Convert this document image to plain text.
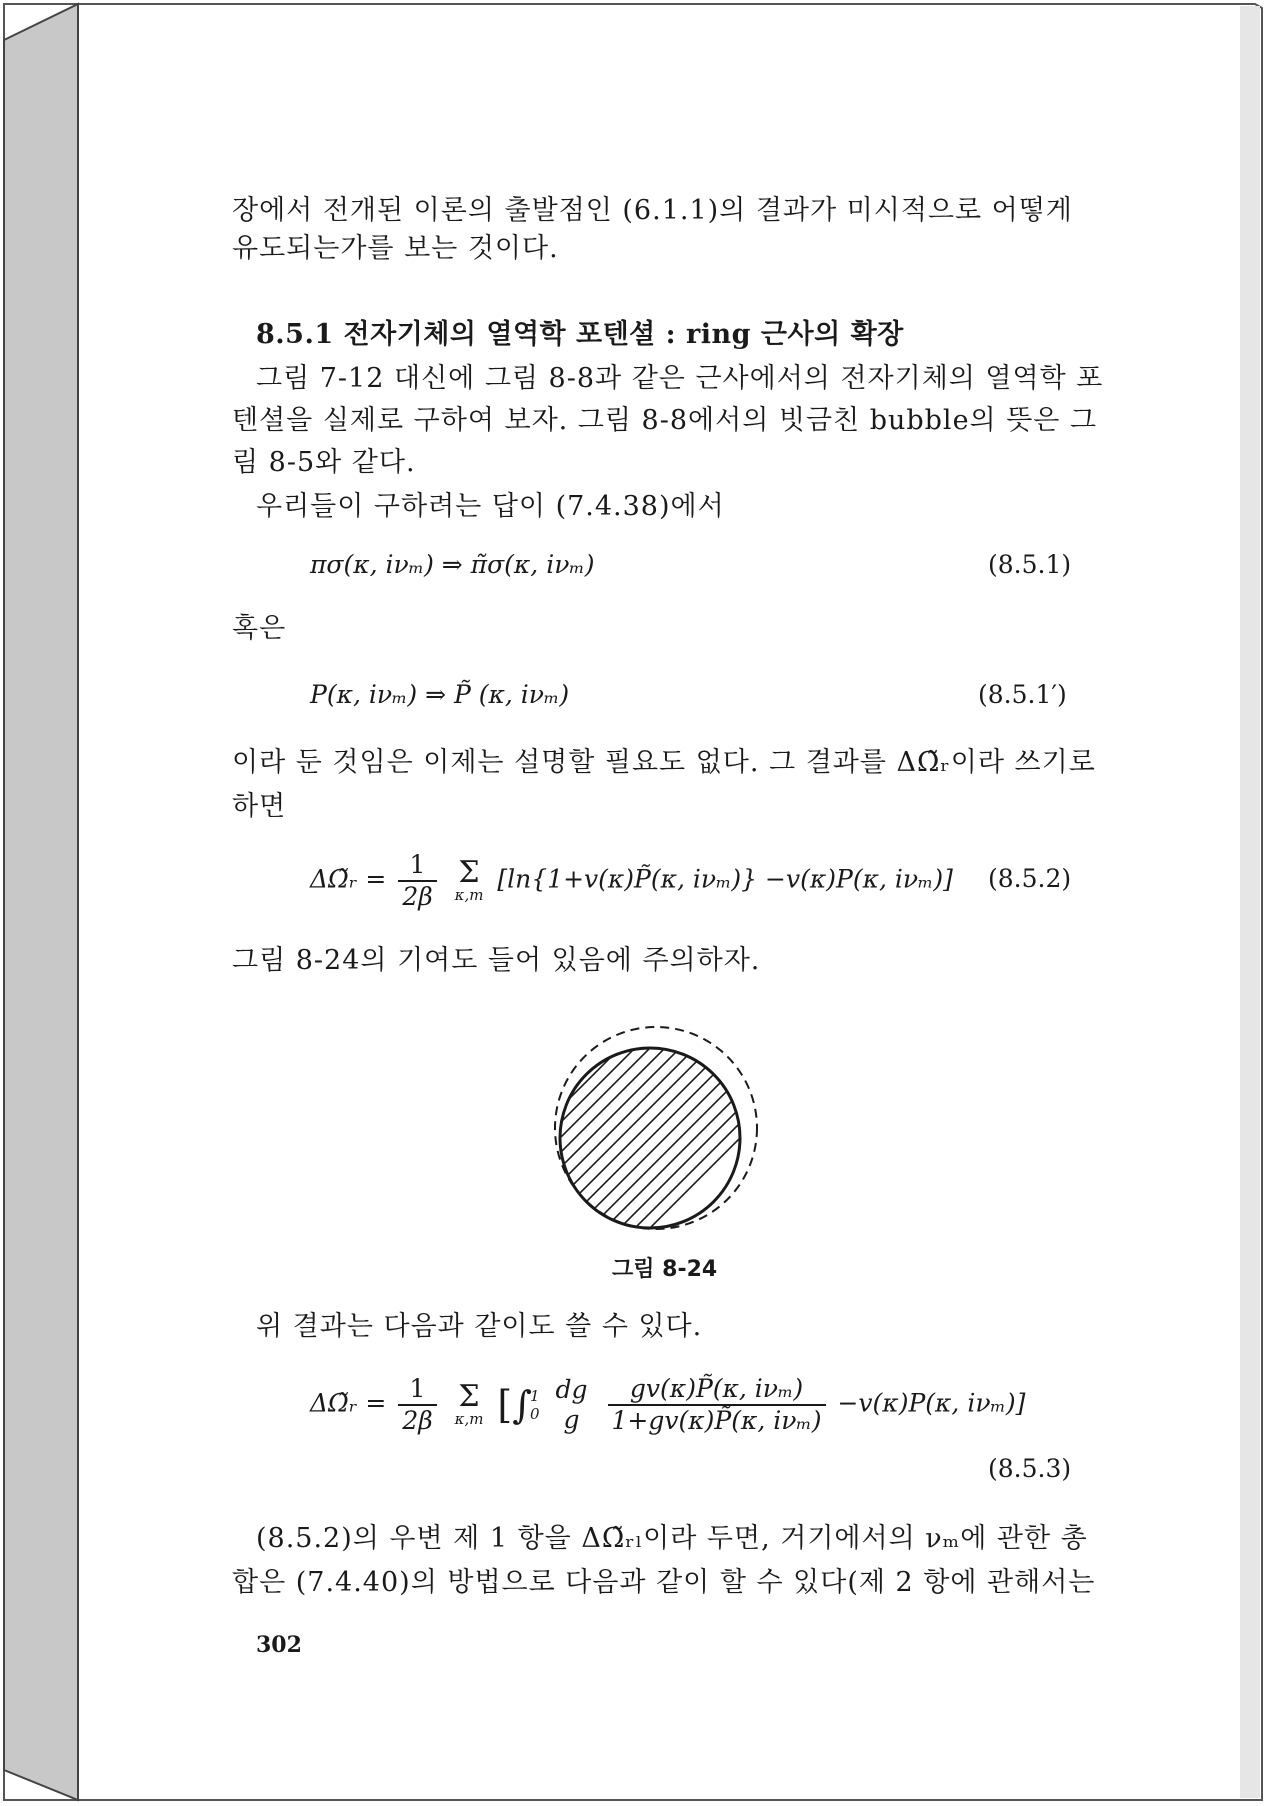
장에서 전개된 이론의 출발점인 (6.1.1)의 결과가 미시적으로 어떻게
유도되는가를 보는 것이다.
8.5.1 전자기체의 열역학 포텐셜 : ring 근사의 확장
그림 7-12 대신에 그림 8-8과 같은 근사에서의 전자기체의 열역학 포
텐셜을 실제로 구하여 보자. 그림 8-8에서의 빗금친 bubble의 뜻은 그
림 8-5와 같다.
우리들이 구하려는 답이 (7.4.38)에서
πσ(κ, iνₘ) ⇒ π̃σ(κ, iνₘ)	(8.5.1)
혹은
P(κ, iνₘ) ⇒ P̃ (κ, iνₘ)	(8.5.1′)
이라 둔 것임은 이제는 설명할 필요도 없다. 그 결과를 ΔΩ̃ᵣ이라 쓰기로
하면
ΔΩ̃ᵣ = $\frac{1}{2\beta}$
Σ
κ,m
[ln{1+v(κ)P̃(κ, iνₘ)} −v(κ)P(κ, iνₘ)] (8.5.2)
그림 8-24의 기여도 들어 있음에 주의하자.
그림 8-24
위 결과는 다음과 같이도 쓸 수 있다.
ΔΩ̃ᵣ = $\frac{1}{2\beta}$
Σ
κ,m [∫
1
0

dg
g
	$\frac{\text{gv(κ)P̃(κ, iνₘ)}}{\text{1+gv(κ)P̃(κ, iνₘ)}} -v(\kappa)P(\kappa$, iνₘ)]
(8.5.3)
(8.5.2)의 우변 제 1 항을 ΔΩ̃ᵣₗ이라 두면, 거기에서의 νₘ에 관한 총
합은 (7.4.40)의 방법으로 다음과 같이 할 수 있다(제 2 항에 관해서는
302
